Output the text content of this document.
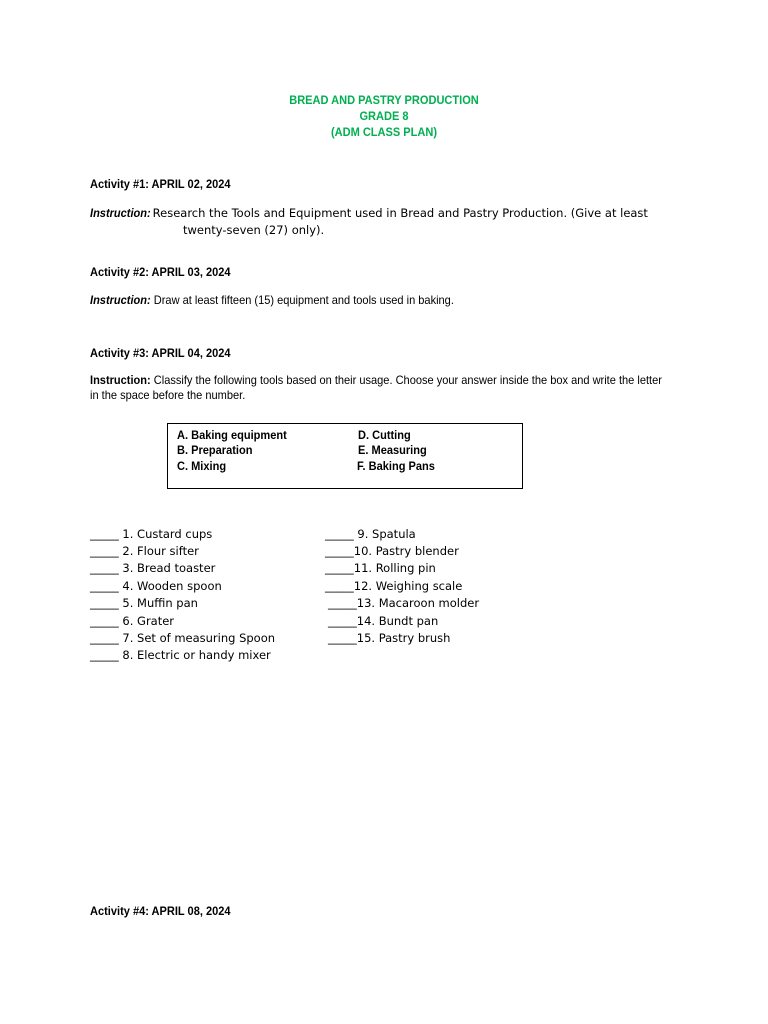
BREAD AND PASTRY PRODUCTION
GRADE 8
(ADM CLASS PLAN)
Activity #1: APRIL 02, 2024
Instruction: Research the Tools and Equipment used in Bread and Pastry Production. (Give at least
twenty-seven (27) only).
Activity #2: APRIL 03, 2024
Instruction: Draw at least fifteen (15) equipment and tools used in baking.
Activity #3: APRIL 04, 2024
Instruction: Classify the following tools based on their usage. Choose your answer inside the box and write the letter
in the space before the number.
A. Baking equipment
B. Preparation
C. Mixing
D. Cutting
E. Measuring
F. Baking Pans
_____ 1. Custard cups
_____ 2. Flour sifter
_____ 3. Bread toaster
_____ 4. Wooden spoon
_____ 5. Muffin pan
_____ 6. Grater
_____ 7. Set of measuring Spoon
_____ 8. Electric or handy mixer
_____ 9. Spatula
_____10. Pastry blender
_____11. Rolling pin
_____12. Weighing scale
_____13. Macaroon molder
_____14. Bundt pan
_____15. Pastry brush
Activity #4: APRIL 08, 2024
